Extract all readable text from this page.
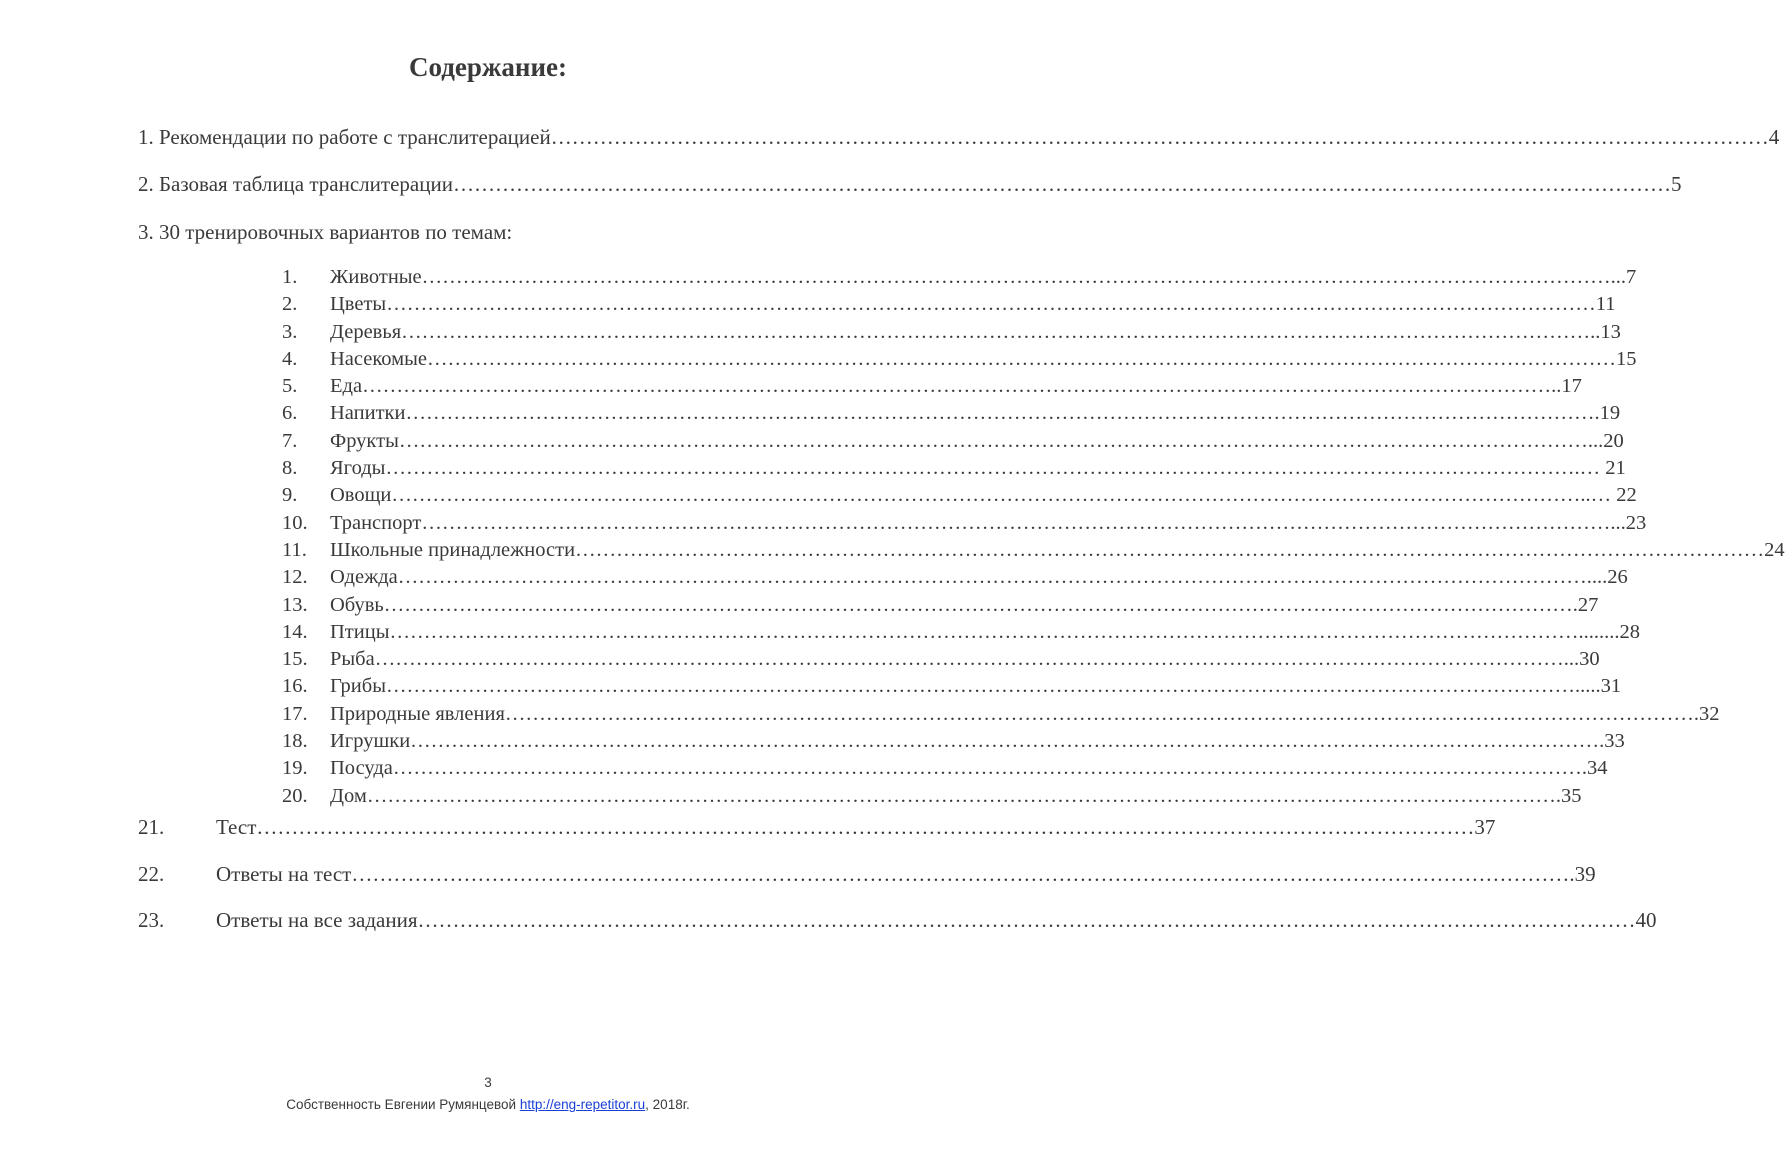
Содержание:
1. Рекомендации по работе с транслитерацией ………………………………………………………………………………………………………………………………………………………… 4
2. Базовая таблица транслитерации ………………………………………………………………………………………………………………………………………………………… 5
3. 30 тренировочных вариантов по темам:
1.	Животные ………………………………………………………………………………………………………………………………………………………… ...7
2.	Цветы ………………………………………………………………………………………………………………………………………………………… …11
3.	Деревья ………………………………………………………………………………………………………………………………………………………… ..13
4.	Насекомые ………………………………………………………………………………………………………………………………………………………… 15
5.	Еда ………………………………………………………………………………………………………………………………………………………… ..17
6.	Напитки ………………………………………………………………………………………………………………………………………………………… .19
7.	Фрукты ………………………………………………………………………………………………………………………………………………………… ...20
8.	Ягоды ………………………………………………………………………………………………………………………………………………………… .… 21
9.	Овощи ………………………………………………………………………………………………………………………………………………………… ..… 22
10.	Транспорт ………………………………………………………………………………………………………………………………………………………… ...23
11.	Школьные принадлежности ………………………………………………………………………………………………………………………………………………………… 24
12.	Одежда ………………………………………………………………………………………………………………………………………………………… ....26
13.	Обувь ………………………………………………………………………………………………………………………………………………………… .27
14.	Птицы ………………………………………………………………………………………………………………………………………………………… ........28
15.	Рыба ………………………………………………………………………………………………………………………………………………………… ...30
16.	Грибы ………………………………………………………………………………………………………………………………………………………… .....31
17.	Природные явления ………………………………………………………………………………………………………………………………………………………… .32
18.	Игрушки ………………………………………………………………………………………………………………………………………………………… .33
19.	Посуда ………………………………………………………………………………………………………………………………………………………… .34
20.	Дом ………………………………………………………………………………………………………………………………………………………… .35
21.	Тест ………………………………………………………………………………………………………………………………………………………… 37
22.	Ответы на тест ………………………………………………………………………………………………………………………………………………………… .39
23.	Ответы на все задания ………………………………………………………………………………………………………………………………………………………… 40
3
Собственность Евгении Румянцевой http://eng-repetitor.ru, 2018г.
